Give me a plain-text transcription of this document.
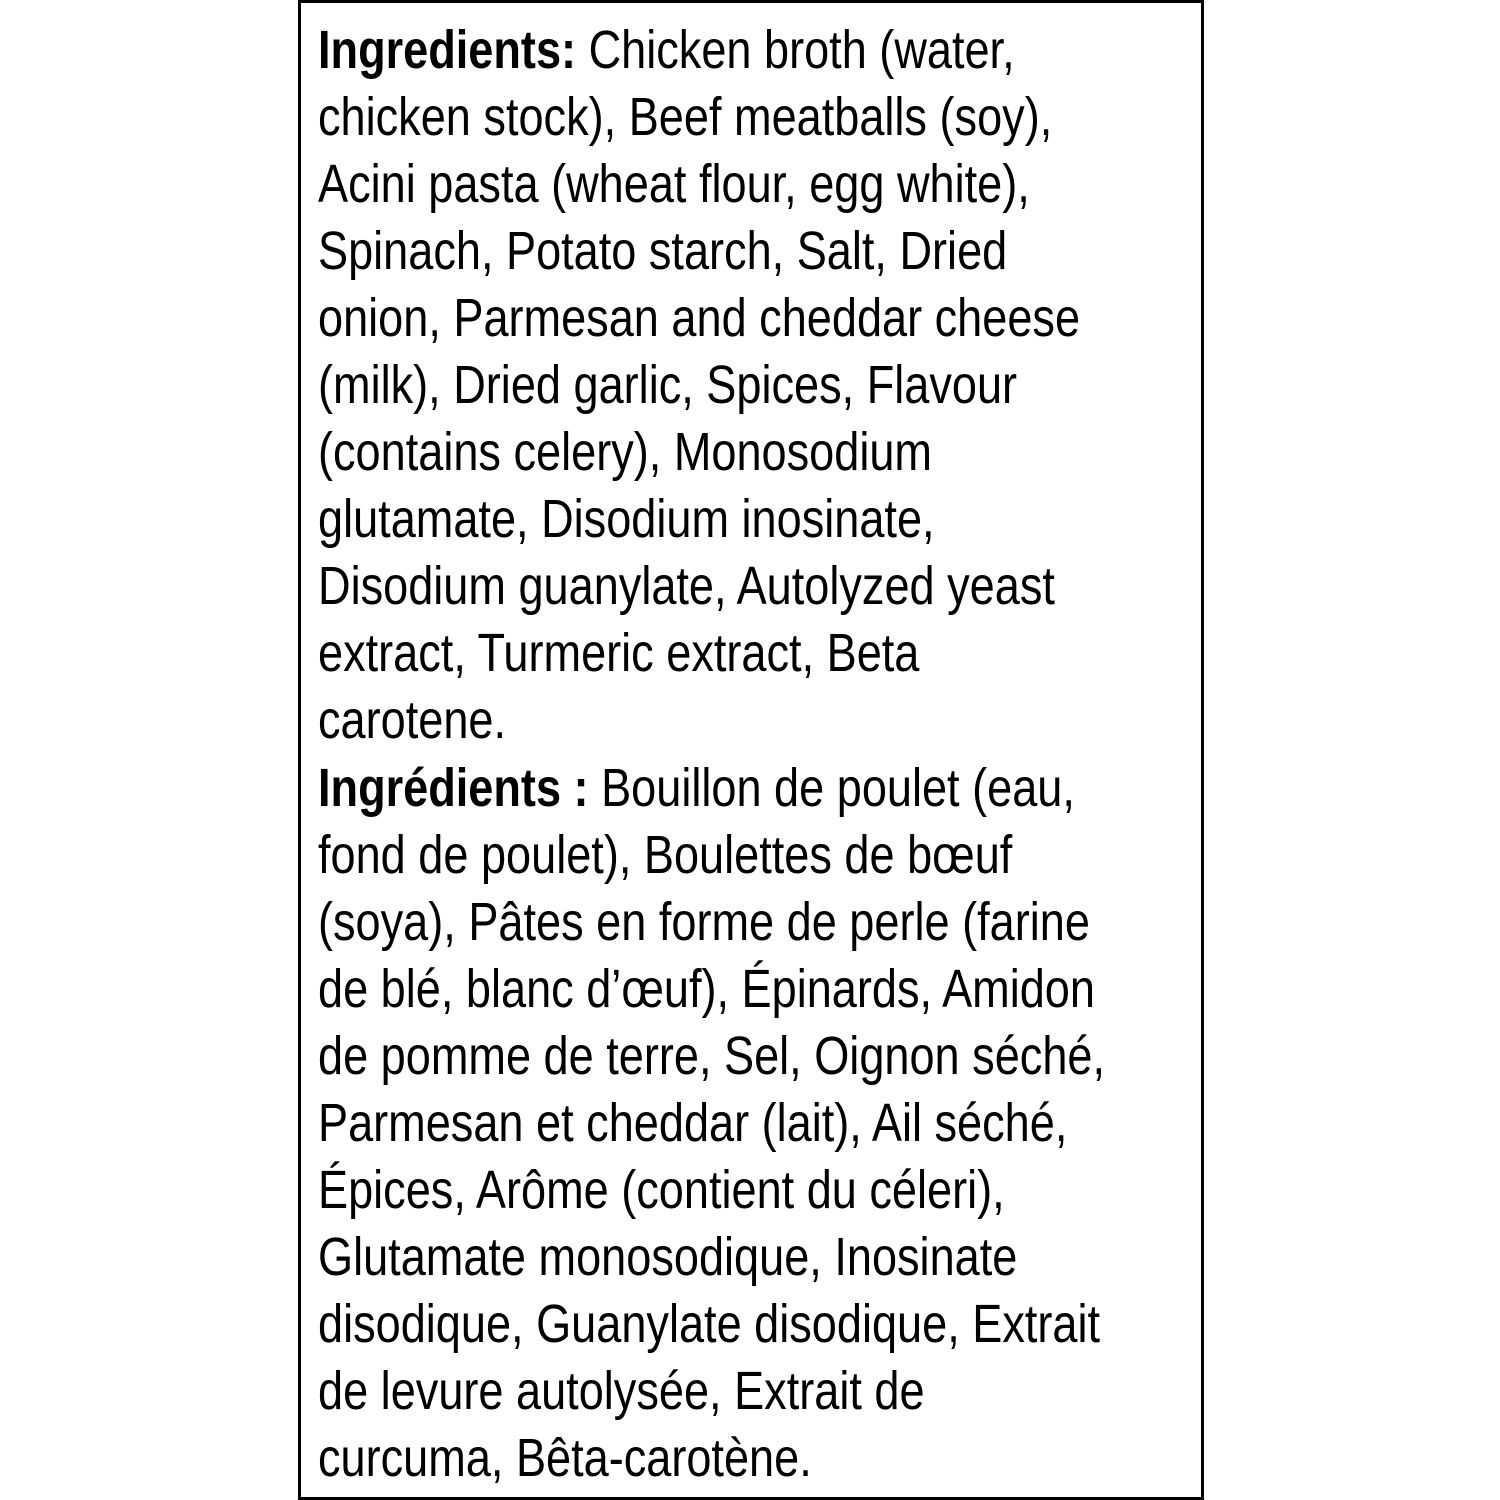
Ingredients: Chicken broth (water,
chicken stock), Beef meatballs (soy),
Acini pasta (wheat flour, egg white),
Spinach, Potato starch, Salt, Dried
onion, Parmesan and cheddar cheese
(milk), Dried garlic, Spices, Flavour
(contains celery), Monosodium
glutamate, Disodium inosinate,
Disodium guanylate, Autolyzed yeast
extract, Turmeric extract, Beta
carotene.
Ingrédients : Bouillon de poulet (eau,
fond de poulet), Boulettes de bœuf
(soya), Pâtes en forme de perle (farine
de blé, blanc d’œuf), Épinards, Amidon
de pomme de terre, Sel, Oignon séché,
Parmesan et cheddar (lait), Ail séché,
Épices, Arôme (contient du céleri),
Glutamate monosodique, Inosinate
disodique, Guanylate disodique, Extrait
de levure autolysée, Extrait de
curcuma, Bêta-carotène.
